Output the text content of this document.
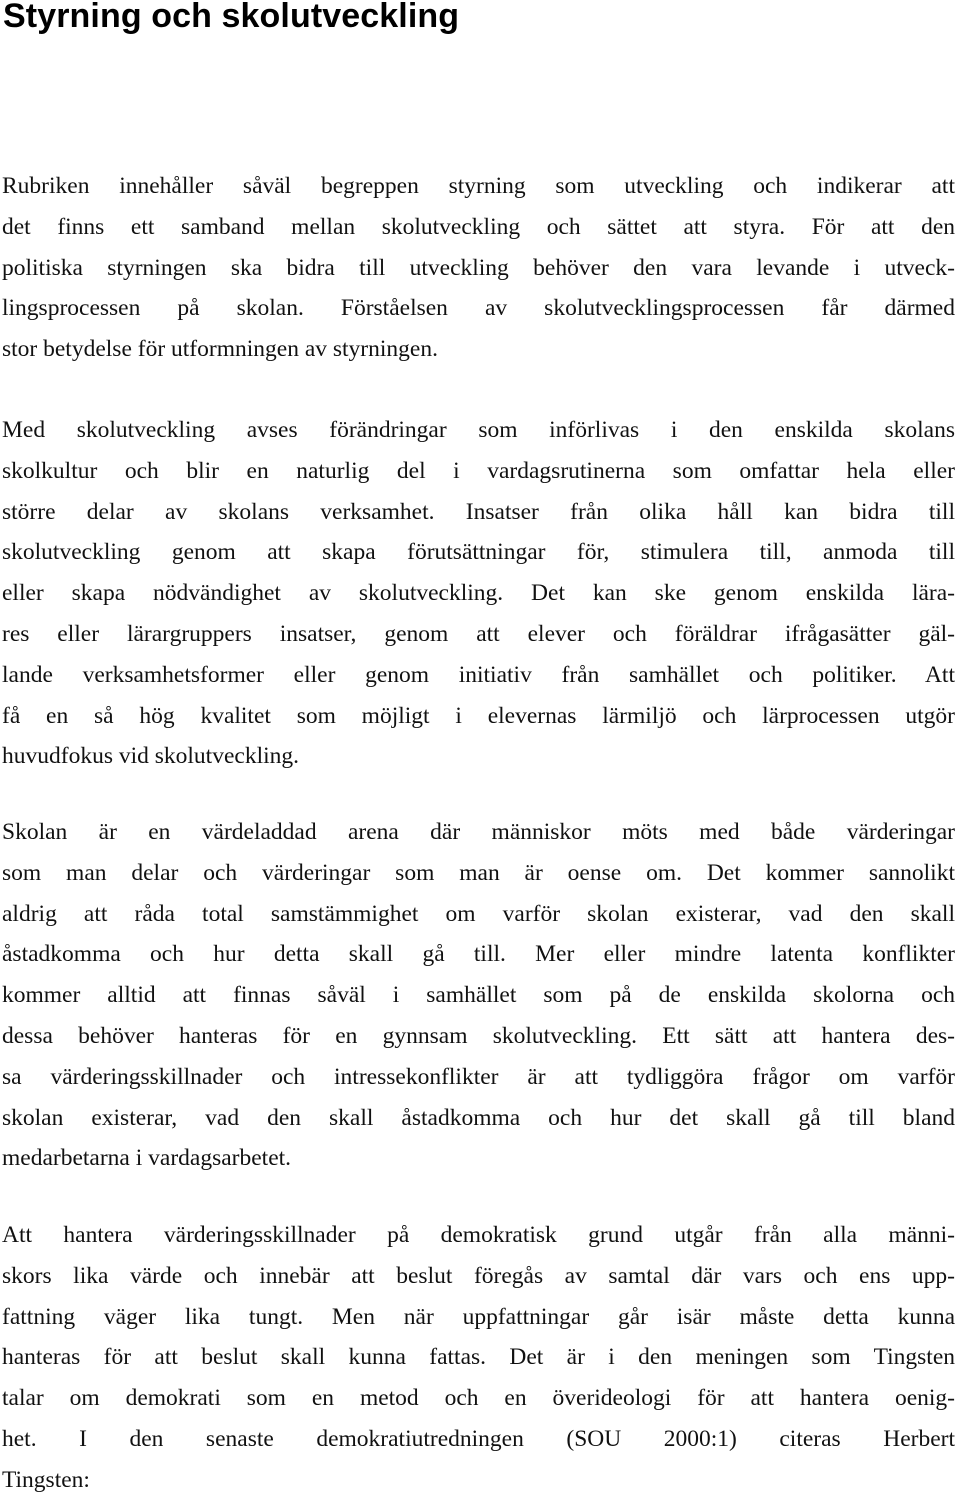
Styrning och skolutveckling
Rubriken innehåller såväl begreppen styrning som utveckling och indikerar att
det finns ett samband mellan skolutveckling och sättet att styra. För att den
politiska styrningen ska bidra till utveckling behöver den vara levande i utveck-
lingsprocessen på skolan. Förståelsen av skolutvecklingsprocessen får därmed
stor betydelse för utformningen av styrningen.
Med skolutveckling avses förändringar som införlivas i den enskilda skolans
skolkultur och blir en naturlig del i vardagsrutinerna som omfattar hela eller
större delar av skolans verksamhet. Insatser från olika håll kan bidra till
skolutveckling genom att skapa förutsättningar för, stimulera till, anmoda till
eller skapa nödvändighet av skolutveckling. Det kan ske genom enskilda lära-
res eller lärargruppers insatser, genom att elever och föräldrar ifrågasätter gäl-
lande verksamhetsformer eller genom initiativ från samhället och politiker. Att
få en så hög kvalitet som möjligt i elevernas lärmiljö och lärprocessen utgör
huvudfokus vid skolutveckling.
Skolan är en värdeladdad arena där människor möts med både värderingar
som man delar och värderingar som man är oense om. Det kommer sannolikt
aldrig att råda total samstämmighet om varför skolan existerar, vad den skall
åstadkomma och hur detta skall gå till. Mer eller mindre latenta konflikter
kommer alltid att finnas såväl i samhället som på de enskilda skolorna och
dessa behöver hanteras för en gynnsam skolutveckling. Ett sätt att hantera des-
sa värderingsskillnader och intressekonflikter är att tydliggöra frågor om varför
skolan existerar, vad den skall åstadkomma och hur det skall gå till bland
medarbetarna i vardagsarbetet.
Att hantera värderingsskillnader på demokratisk grund utgår från alla männi-
skors lika värde och innebär att beslut föregås av samtal där vars och ens upp-
fattning väger lika tungt. Men när uppfattningar går isär måste detta kunna
hanteras för att beslut skall kunna fattas. Det är i den meningen som Tingsten
talar om demokrati som en metod och en överideologi för att hantera oenig-
het. I den senaste demokratiutredningen (SOU 2000:1) citeras Herbert
Tingsten:
